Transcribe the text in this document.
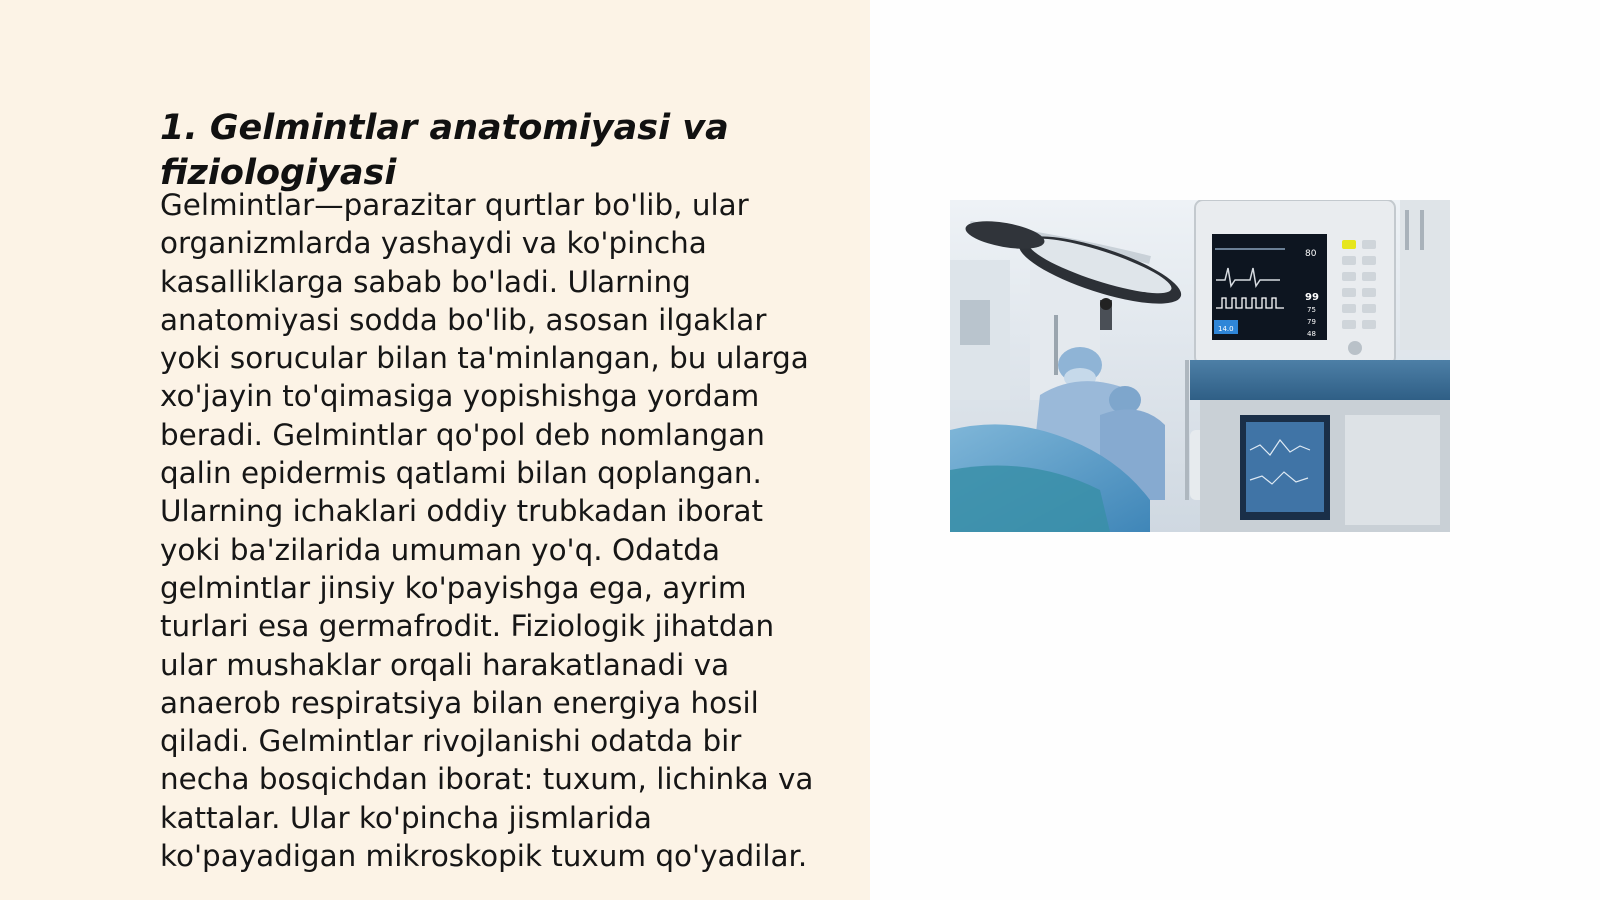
1. Gelmintlar anatomiyasi va fiziologiyasi

Gelmintlar—parazitar qurtlar bo'lib, ular organizmlarda yashaydi va ko'pincha kasalliklarga sabab bo'ladi. Ularning anatomiyasi sodda bo'lib, asosan ilgaklar yoki sorucular bilan ta'minlangan, bu ularga xo'jayin to'qimasiga yopishishga yordam beradi. Gelmintlar qo'pol deb nomlangan qalin epidermis qatlami bilan qoplangan. Ularning ichaklari oddiy trubkadan iborat yoki ba'zilarida umuman yo'q. Odatda gelmintlar jinsiy ko'payishga ega, ayrim turlari esa germafrodit. Fiziologik jihatdan ular mushaklar orqali harakatlanadi va anaerob respiratsiya bilan energiya hosil qiladi. Gelmintlar rivojlanishi odatda bir necha bosqichdan iborat: tuxum, lichinka va kattalar. Ular ko'pincha jismlarida ko'payadigan mikroskopik tuxum qo'yadilar.

80
99
75
79
48
14.0
